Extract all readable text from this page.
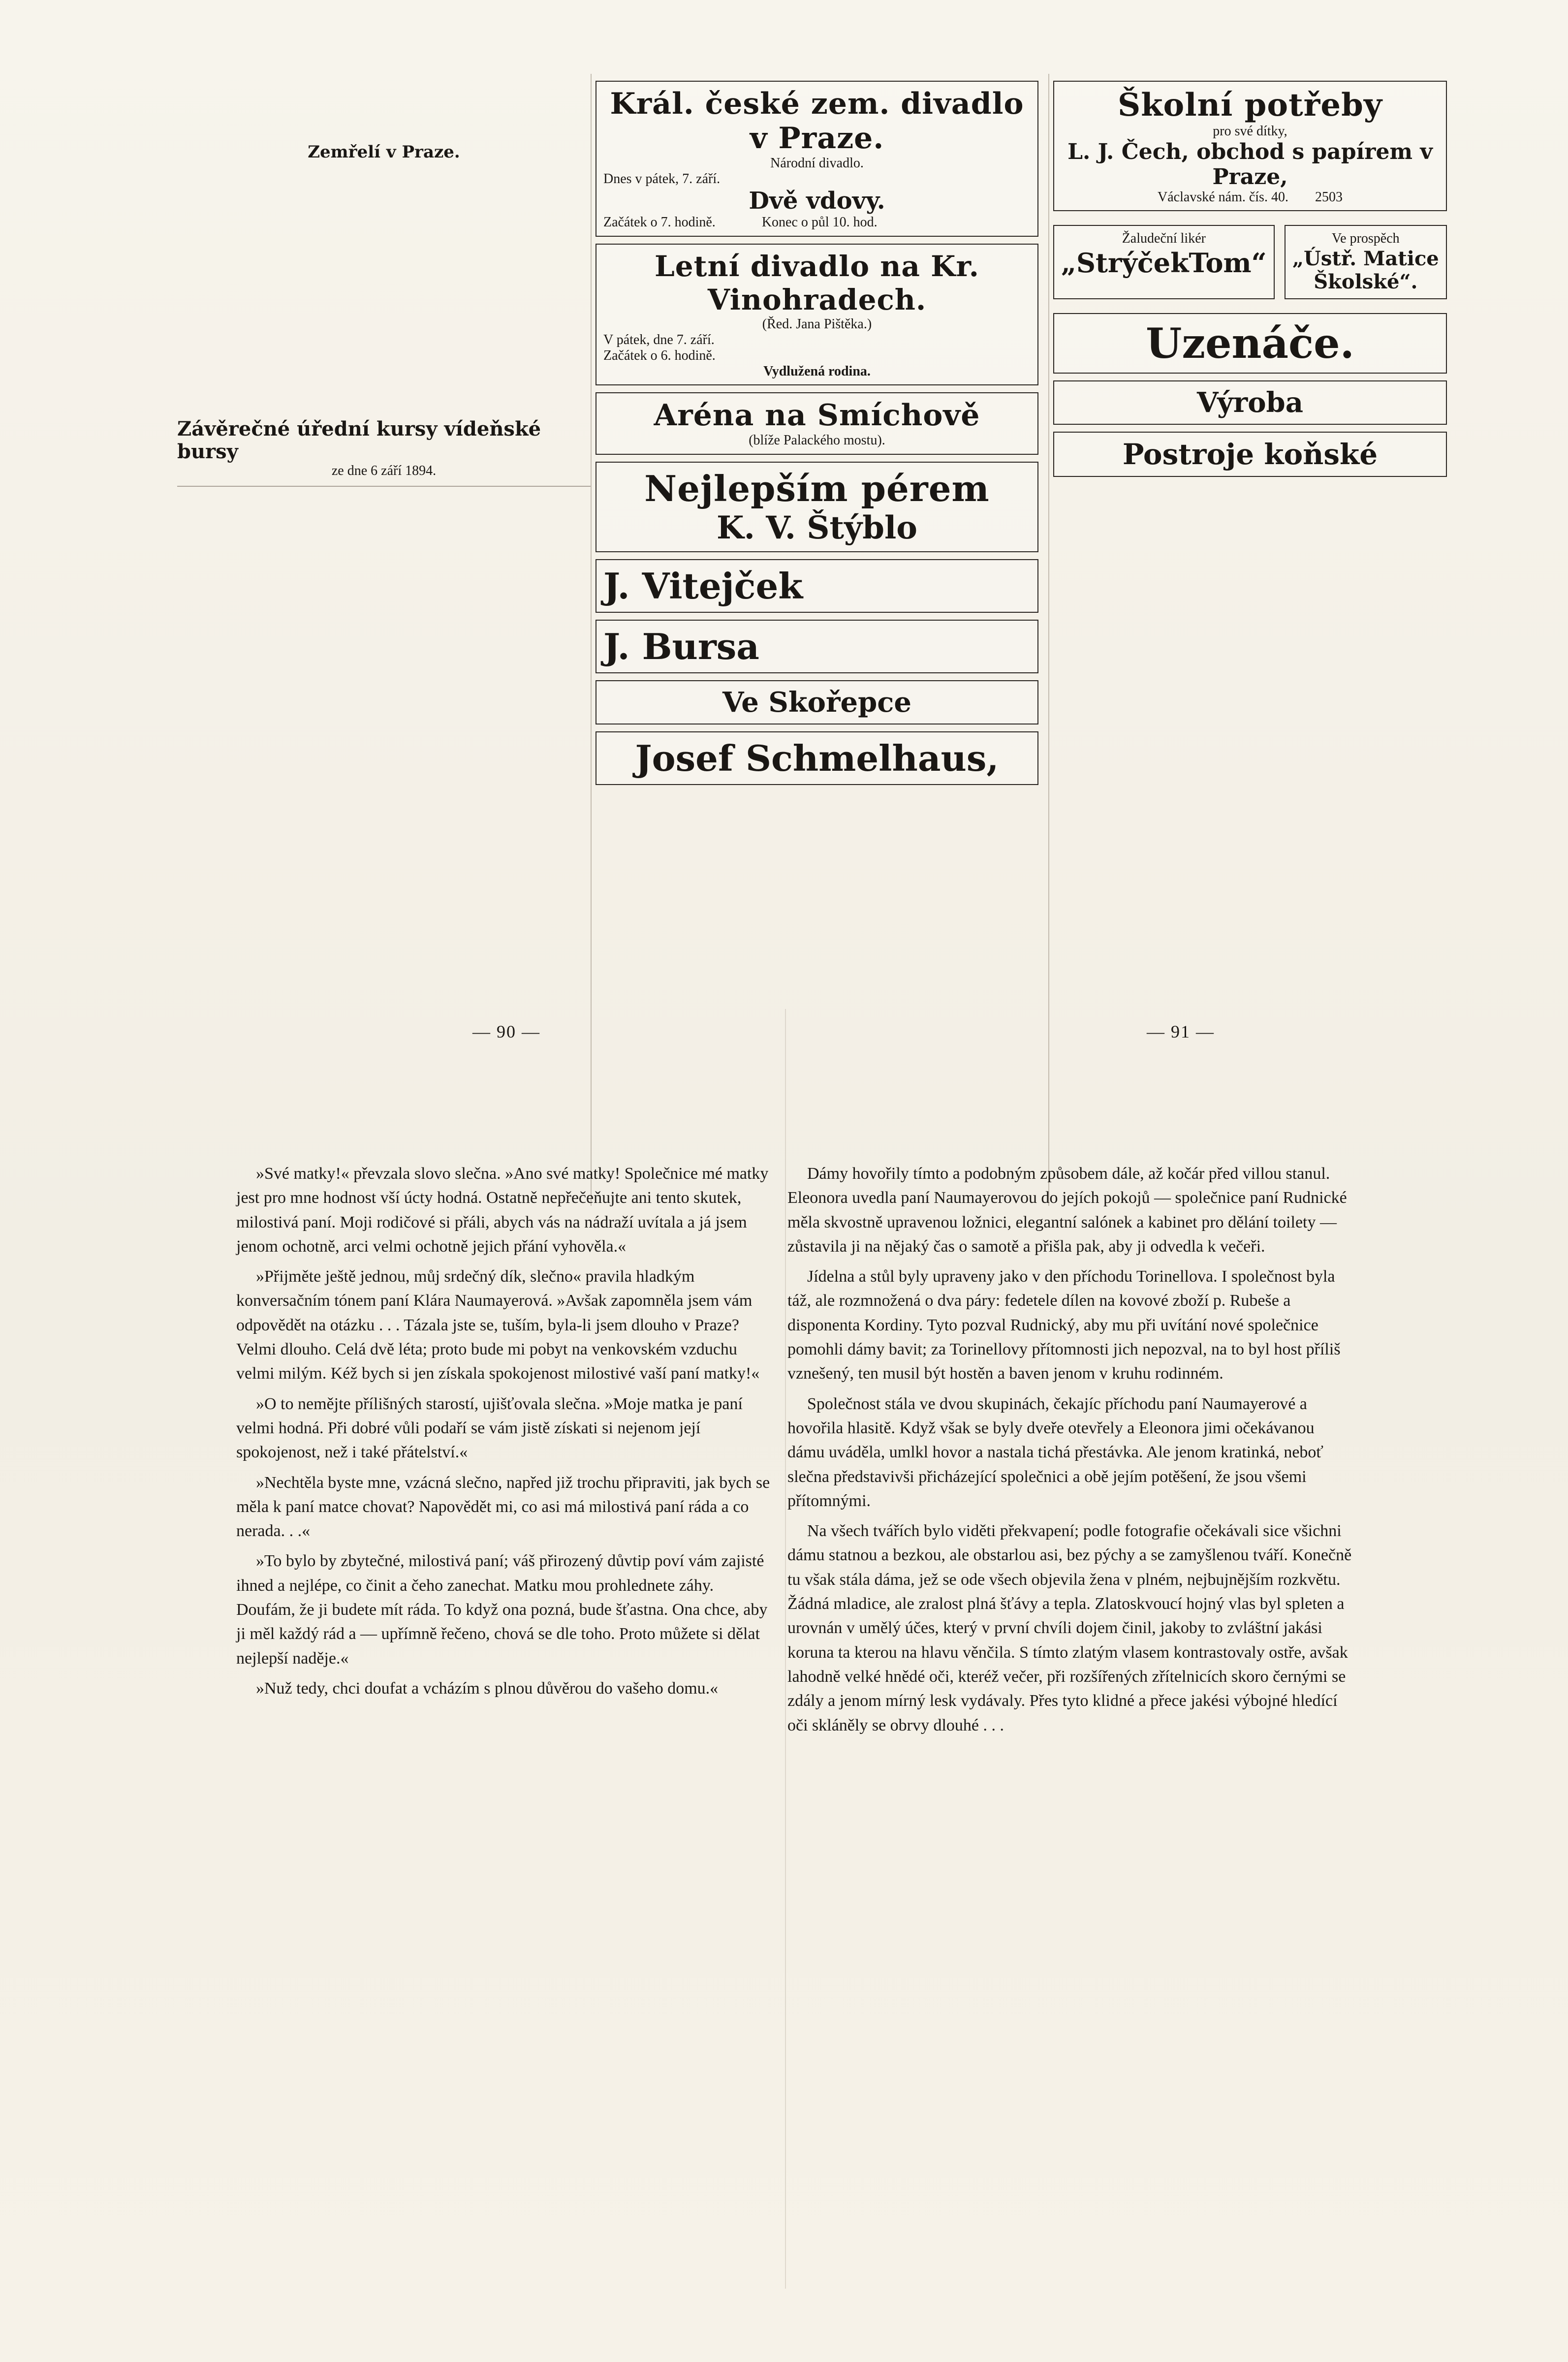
Zemřelí v Praze.
Závěrečné úřední kursy vídeňské bursy
ze dne 6 září 1894.
Král. české zem. divadlo v Praze.
Národní divadlo.
Dnes v pátek, 7. září.
Dvě vdovy.
Začátek o 7. hodině.	Konec o půl 10. hod.
Letní divadlo na Kr. Vinohradech.
(Řed. Jana Pištěka.)
V pátek, dne 7. září.
Začátek o 6. hodině.
Vydlužená rodina.
Aréna na Smíchově
(blíže Palackého mostu).
Nejlepším pérem
K. V. Štýblo
J. Vitejček
J. Bursa
Ve Skořepce
Josef Schmelhaus,
Školní potřeby
pro své dítky,
L. J. Čech, obchod s papírem v Praze,
Václavské nám. čís. 40. 2503
Žaludeční likér
„StrýčekTom“
Ve prospěch
„Ústř. Matice Školské“.
Uzenáče.
Výroba
Postroje koňské
— 90 —	— 91 —

»Své matky!« převzala slovo slečna. »Ano své matky! Společnice mé matky jest pro mne hodnost vší úcty hodná. Ostatně nepřečeňujte ani tento skutek, milostivá paní. Moji rodičové si přáli, abych vás na nádraží uvítala a já jsem jenom ochotně, arci velmi ochotně jejich přání vyhověla.«

»Přijměte ještě jednou, můj srdečný dík, slečno« pravila hladkým konversačním tónem paní Klára Naumayerová. »Avšak zapomněla jsem vám odpovědět na otázku . . . Tázala jste se, tuším, byla-li jsem dlouho v Praze? Velmi dlouho. Celá dvě léta; proto bude mi pobyt na venkovském vzduchu velmi milým. Kéž bych si jen získala spokojenost milostivé vaší paní matky!«

»O to nemějte přílišných starostí, ujišťovala slečna. »Moje matka je paní velmi hodná. Při dobré vůli podaří se vám jistě získati si nejenom její spokojenost, než i také přátelství.«

»Nechtěla byste mne, vzácná slečno, napřed již trochu připraviti, jak bych se měla k paní matce chovat? Napovědět mi, co asi má milostivá paní ráda a co nerada. . .«

»To bylo by zbytečné, milostivá paní; váš přirozený důvtip poví vám zajisté ihned a nejlépe, co činit a čeho zanechat. Matku mou prohlednete záhy. Doufám, že ji budete mít ráda. To když ona pozná, bude šťastna. Ona chce, aby ji měl každý rád a — upřímně řečeno, chová se dle toho. Proto můžete si dělat nejlepší naděje.«

»Nuž tedy, chci doufat a vcházím s plnou důvěrou do vašeho domu.«

Dámy hovořily tímto a podobným způsobem dále, až kočár před villou stanul. Eleonora uvedla paní Naumayerovou do jejích pokojů — společnice paní Rudnické měla skvostně upravenou ložnici, elegantní salónek a kabinet pro dělání toilety — zůstavila ji na nějaký čas o samotě a přišla pak, aby ji odvedla k večeři.

Jídelna a stůl byly upraveny jako v den příchodu Torinellova. I společnost byla táž, ale rozmnožená o dva páry: fedetele dílen na kovové zboží p. Rubeše a disponenta Kordiny. Tyto pozval Rudnický, aby mu při uvítání nové společnice pomohli dámy bavit; za Torinellovy přítomnosti jich nepozval, na to byl host příliš vznešený, ten musil být hostěn a baven jenom v kruhu rodinném.

Společnost stála ve dvou skupinách, čekajíc příchodu paní Naumayerové a hovořila hlasitě. Když však se byly dveře otevřely a Eleonora jimi očekávanou dámu uváděla, umlkl hovor a nastala tichá přestávka. Ale jenom kratinká, neboť slečna představivši přicházející společnici a obě jejím potěšení, že jsou všemi přítomnými.

Na všech tvářích bylo viděti překvapení; podle fotografie očekávali sice všichni dámu statnou a bezkou, ale obstarlou asi, bez pýchy a se zamyšlenou tváří. Konečně tu však stála dáma, jež se ode všech objevila žena v plném, nejbujnějším rozkvětu. Žádná mladice, ale zralost plná šťávy a tepla. Zlatoskvoucí hojný vlas byl spleten a urovnán v umělý účes, který v první chvíli dojem činil, jakoby to zvláštní jakási koruna ta kterou na hlavu věnčila. S tímto zlatým vlasem kontrastovaly ostře, avšak lahodně velké hnědé oči, kteréž večer, při rozšířených zřítelnicích skoro černými se zdály a jenom mírný lesk vydávaly. Přes tyto klidné a přece jakési výbojné hledící oči skláněly se obrvy dlouhé . . .
